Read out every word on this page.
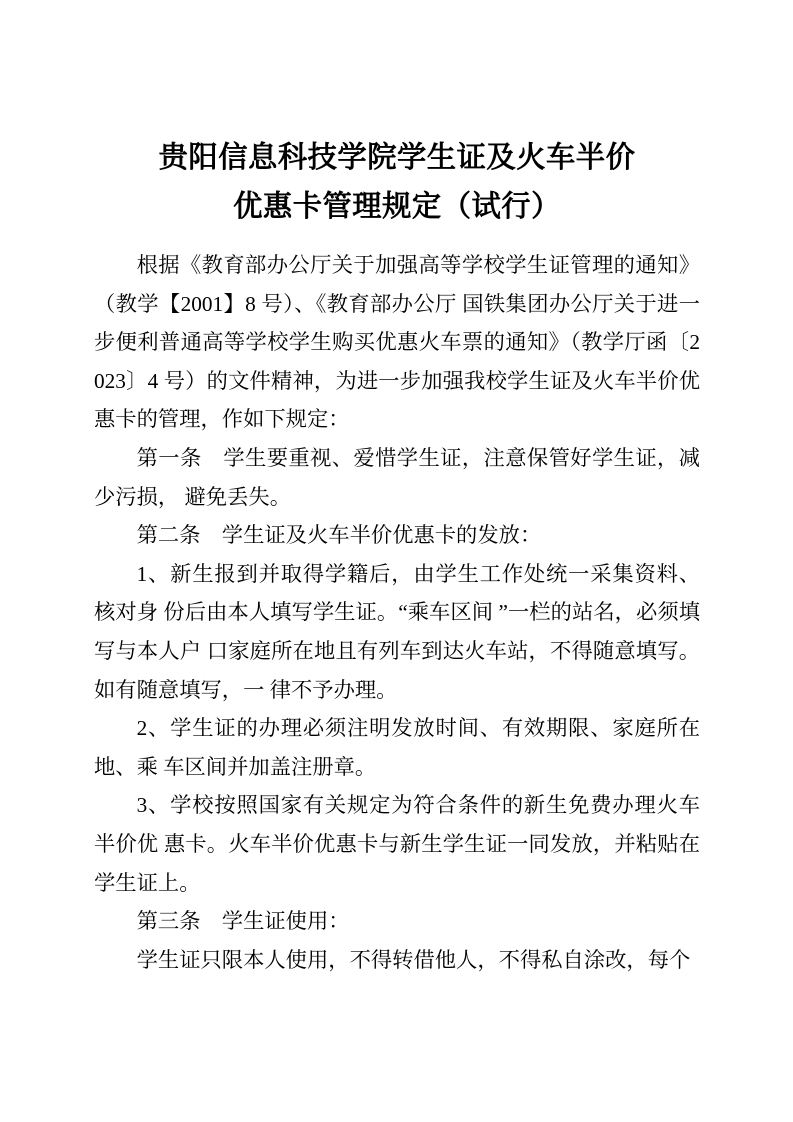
贵阳信息科技学院学生证及火车半价
优惠卡管理规定（试行）

根据《教育部办公厅关于加强高等学校学生证管理的通知》（教学【2001】8 号）、《教育部办公厅 国铁集团办公厅关于进一步便利普通高等学校学生购买优惠火车票的通知》（教学厅函〔2023〕4 号）的文件精神，为进一步加强我校学生证及火车半价优惠卡的管理，作如下规定：

第一条　学生要重视、爱惜学生证，注意保管好学生证，减少污损， 避免丢失。

第二条　学生证及火车半价优惠卡的发放：

1、新生报到并取得学籍后，由学生工作处统一采集资料、核对身 份后由本人填写学生证。“乘车区间 ”一栏的站名，必须填写与本人户 口家庭所在地且有列车到达火车站，不得随意填写。如有随意填写，一 律不予办理。

2、学生证的办理必须注明发放时间、有效期限、家庭所在地、乘 车区间并加盖注册章。

3、学校按照国家有关规定为符合条件的新生免费办理火车半价优 惠卡。火车半价优惠卡与新生学生证一同发放，并粘贴在学生证上。

第三条　学生证使用：

学生证只限本人使用，不得转借他人，不得私自涂改，每个
